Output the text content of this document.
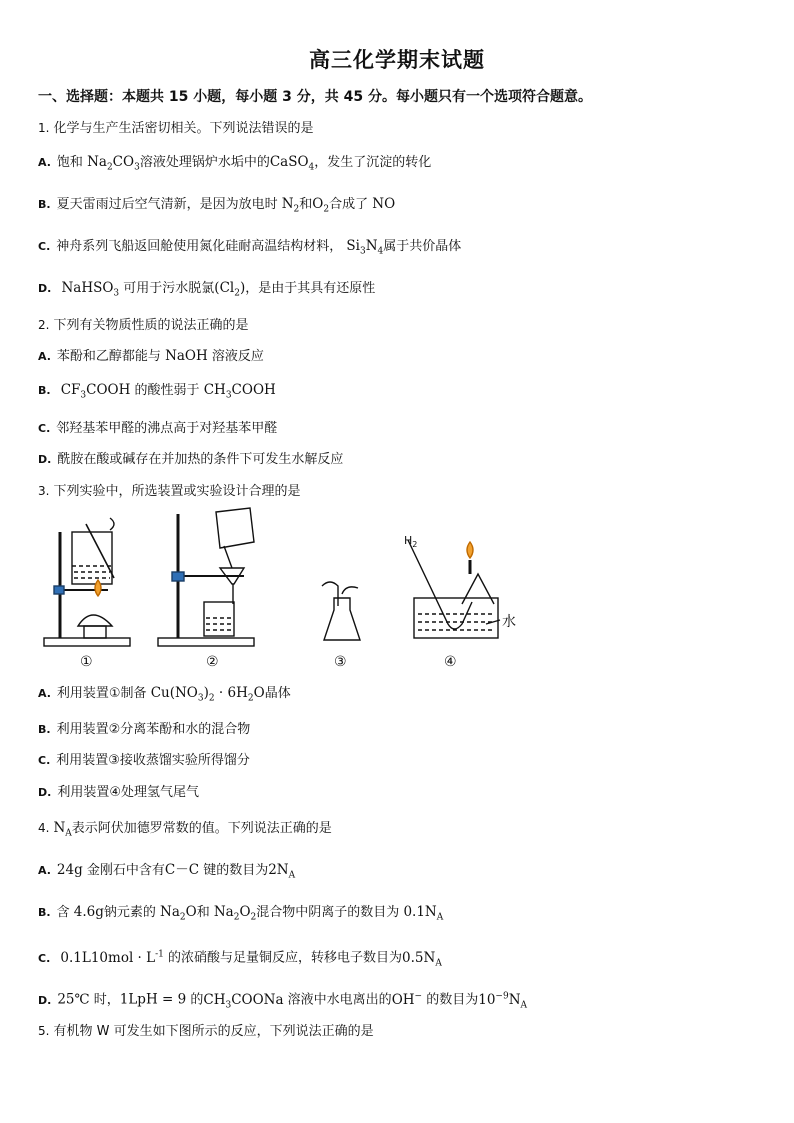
高三化学期末试题
一、选择题：本题共 15 小题，每小题 3 分，共 45 分。每小题只有一个选项符合题意。
1. 化学与生产生活密切相关。下列说法错误的是
A. 饱和 $Na_2CO_3$溶液处理锅炉水垢中的CaSO$_4$，发生了沉淀的转化
B. 夏天雷雨过后空气清新，是因为放电时 $N_2$和$O_2$合成了 NO
C. 神舟系列飞船返回舱使用氮化硅耐高温结构材料， $Si_3N_4$属于共价晶体
D. NaHSO$_3$ 可用于污水脱氯$(Cl_2)$，是由于其具有还原性
2. 下列有关物质性质的说法正确的是
A. 苯酚和乙醇都能与 NaOH 溶液反应
B. $CF_3COOH$ 的酸性弱于 $CH_3COOH$
C. 邻羟基苯甲醛的沸点高于对羟基苯甲醛
D. 酰胺在酸或碱存在并加热的条件下可发生水解反应
3. 下列实验中，所选装置或实验设计合理的是
$H_2$
水
①	②	③	④
A. 利用装置①制备 $Cu(NO_3)_2 \cdot 6H_2O$晶体
B. 利用装置②分离苯酚和水的混合物
C. 利用装置③接收蒸馏实验所得馏分
D. 利用装置④处理氢气尾气
4. $N_A$表示阿伏加德罗常数的值。下列说法正确的是
A. 24g 金刚石中含有C－C 键的数目为$2N_A$
B. 含 4.6g钠元素的 $Na_2O$和 $Na_2O_2$混合物中阴离子的数目为 $0.1N_A$
C. $0.1L10mol \cdot L^{-1}$ 的浓硝酸与足量铜反应，转移电子数目为$0.5N_A$
D. 25℃ 时，1LpH = 9 的$CH_3COONa$ 溶液中水电离出的OH− 的数目为$10^{-9}N_A$
5. 有机物 W 可发生如下图所示的反应，下列说法正确的是
